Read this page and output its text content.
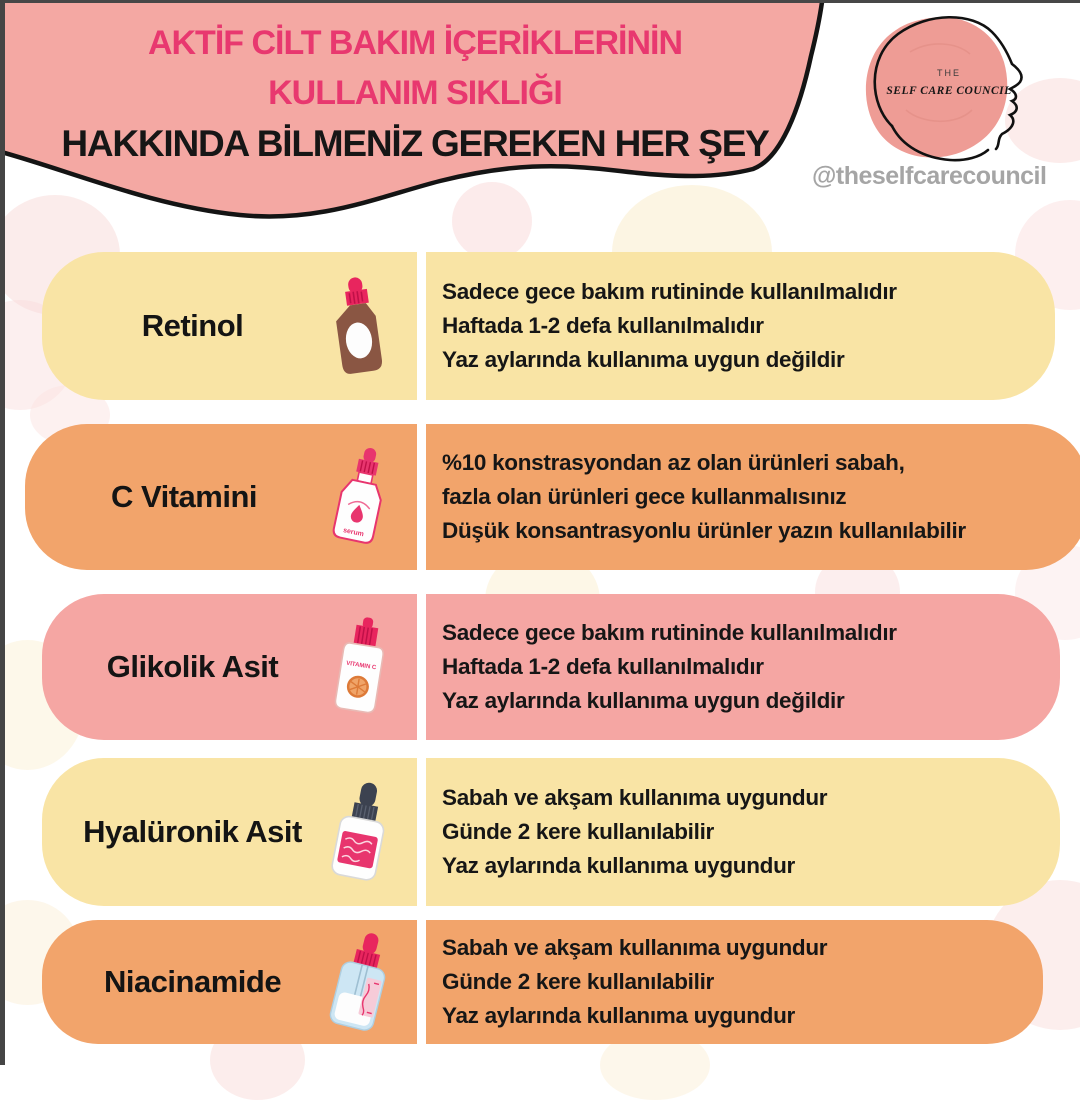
AKTİF CİLT BAKIM İÇERİKLERİNİN
KULLANIM SIKLIĞI
HAKKINDA BİLMENİZ GEREKEN HER ŞEY
THE
SELF CARE COUNCIL
@theselfcarecouncil
Retinol
Sadece gece bakım rutininde kullanılmalıdır
Haftada 1-2 defa kullanılmalıdır
Yaz aylarında kullanıma uygun değildir
C Vitamini
serum
%10 konstrasyondan az olan ürünleri sabah,
fazla olan ürünleri gece kullanmalısınız
Düşük konsantrasyonlu ürünler yazın kullanılabilir
Glikolik Asit	VITAMIN C
Sadece gece bakım rutininde kullanılmalıdır
Haftada 1-2 defa kullanılmalıdır
Yaz aylarında kullanıma uygun değildir
Hyalüronik Asit
Sabah ve akşam kullanıma uygundur
Günde 2 kere kullanılabilir
Yaz aylarında kullanıma uygundur
Niacinamide
Sabah ve akşam kullanıma uygundur
Günde 2 kere kullanılabilir
Yaz aylarında kullanıma uygundur
